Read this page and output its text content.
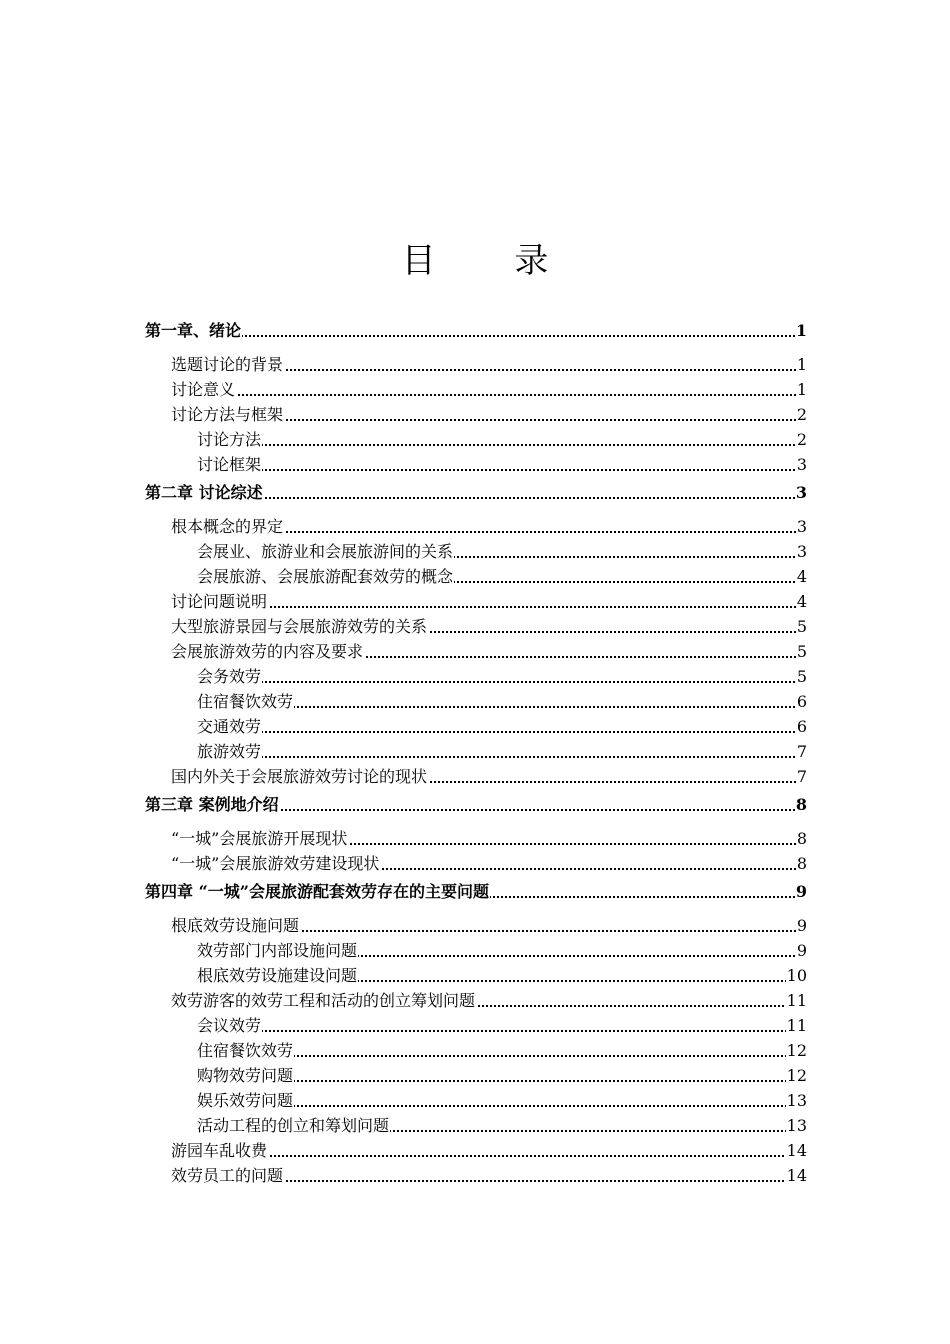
目 录
第一章、绪论	1
选题讨论的背景	1
讨论意义	1
讨论方法与框架	2
讨论方法	2
讨论框架	3
第二章 讨论综述	3
根本概念的界定	3
会展业、旅游业和会展旅游间的关系	3
会展旅游、会展旅游配套效劳的概念	4
讨论问题说明	4
大型旅游景园与会展旅游效劳的关系	5
会展旅游效劳的内容及要求	5
会务效劳	5
住宿餐饮效劳	6
交通效劳	6
旅游效劳	7
国内外关于会展旅游效劳讨论的现状	7
第三章 案例地介绍	8
“一城”会展旅游开展现状	8
“一城”会展旅游效劳建设现状	8
第四章 “一城”会展旅游配套效劳存在的主要问题	9
根底效劳设施问题	9
效劳部门内部设施问题	9
根底效劳设施建设问题	10
效劳游客的效劳工程和活动的创立筹划问题	11
会议效劳	11
住宿餐饮效劳	12
购物效劳问题	12
娱乐效劳问题	13
活动工程的创立和筹划问题	13
游园车乱收费	14
效劳员工的问题	14
